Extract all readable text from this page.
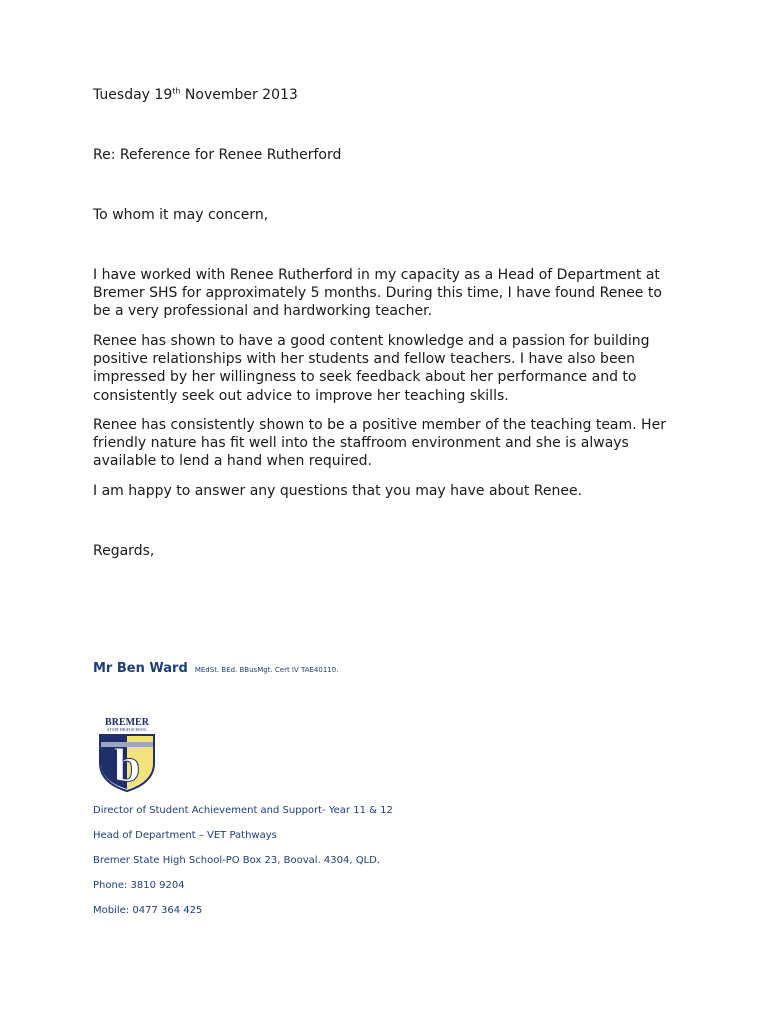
Tuesday 19th November 2013

Re: Reference for Renee Rutherford

To whom it may concern,

I have worked with Renee Rutherford in my capacity as a Head of Department at Bremer SHS for approximately 5 months. During this time, I have found Renee to be a very professional and hardworking teacher.

Renee has shown to have a good content knowledge and a passion for building positive relationships with her students and fellow teachers. I have also been impressed by her willingness to seek feedback about her performance and to consistently seek out advice to improve her teaching skills.

Renee has consistently shown to be a positive member of the teaching team. Her friendly nature has fit well into the staffroom environment and she is always available to lend a hand when required.

I am happy to answer any questions that you may have about Renee.

Regards,

Mr Ben Ward MEdSt. BEd. BBusMgt. Cert IV TAE40110.
BREMER
STATE HIGH SCHOOL
b

Director of Student Achievement and Support- Year 11 & 12

Head of Department – VET Pathways

Bremer State High School-PO Box 23, Booval. 4304, QLD.

Phone: 3810 9204

Mobile: 0477 364 425
